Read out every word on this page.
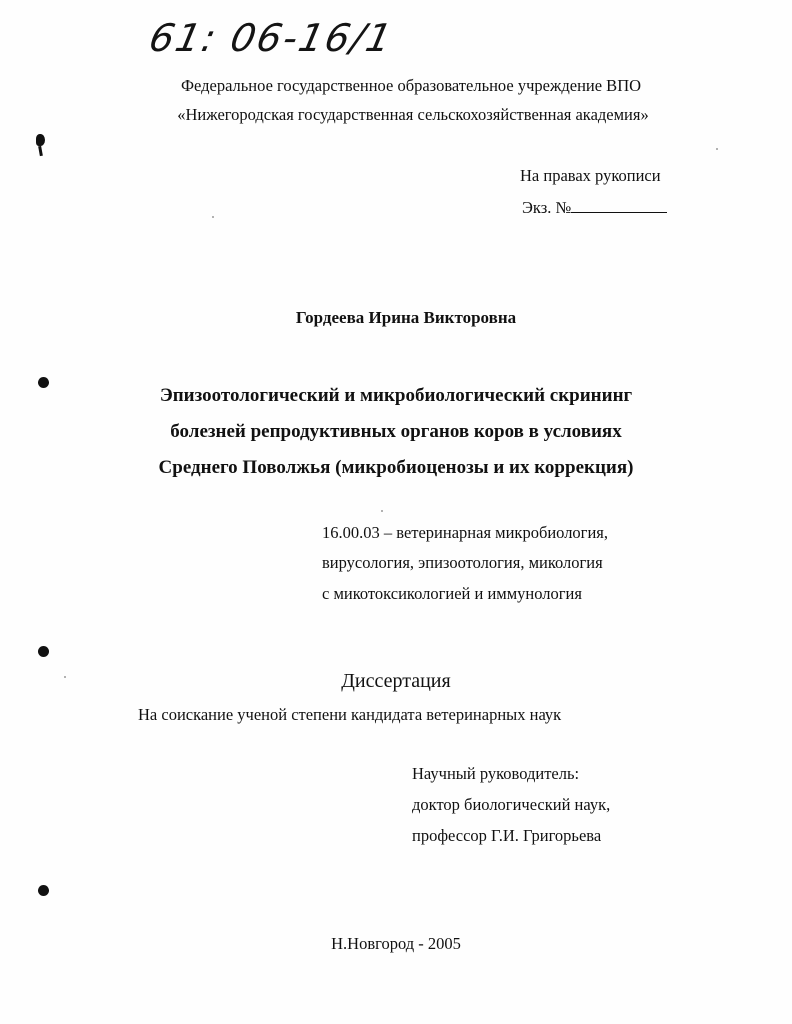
61: 06-16/1
Федеральное государственное образовательное учреждение ВПО
«Нижегородская государственная сельскохозяйственная академия»
На правах рукописи
Экз. №
Гордеева Ирина Викторовна
Эпизоотологический и микробиологический скрининг
болезней репродуктивных органов коров в условиях
Среднего Поволжья (микробиоценозы и их коррекция)
16.00.03 – ветеринарная микробиология,
вирусология, эпизоотология, микология
с микотоксикологией и иммунология
Диссертация
На соискание ученой степени кандидата ветеринарных наук
Научный руководитель:
доктор биологический наук,
профессор Г.И. Григорьева
Н.Новгород - 2005
